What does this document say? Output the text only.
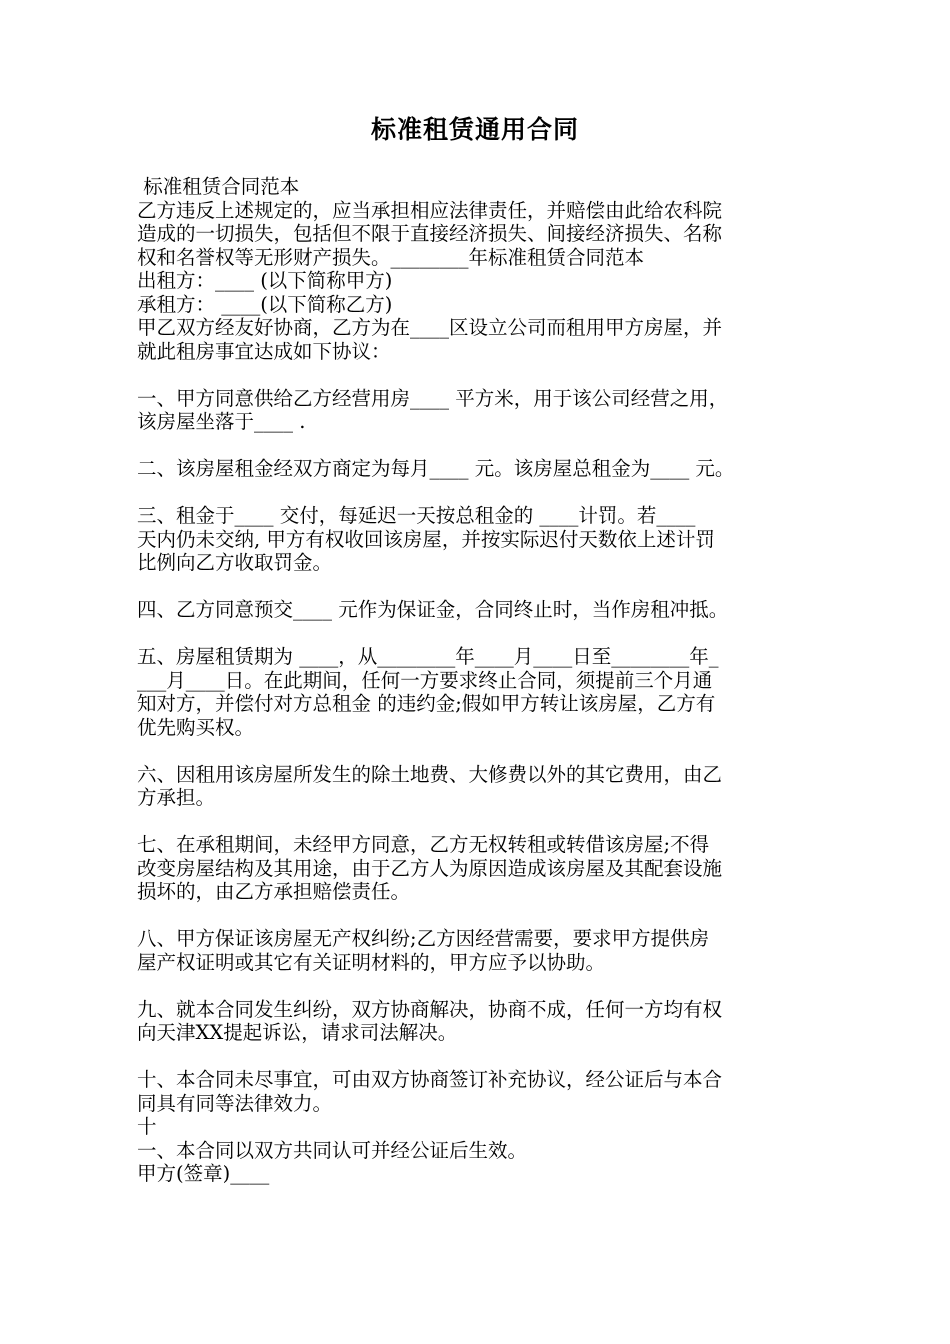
标准租赁通用合同
标准租赁合同范本
乙方违反上述规定的，应当承担相应法律责任，并赔偿由此给农科院
造成的一切损失，包括但不限于直接经济损失、间接经济损失、名称
权和名誉权等无形财产损失。________年标准租赁合同范本
出租方：____ (以下简称甲方)
承租方： ____(以下简称乙方)
甲乙双方经友好协商，乙方为在____区设立公司而租用甲方房屋，并
就此租房事宜达成如下协议：
一、甲方同意供给乙方经营用房____ 平方米，用于该公司经营之用，
该房屋坐落于____ .
二、该房屋租金经双方商定为每月____ 元。该房屋总租金为____ 元。
三、租金于____ 交付，每延迟一天按总租金的 ____计罚。若____
天内仍未交纳, 甲方有权收回该房屋，并按实际迟付天数依上述计罚
比例向乙方收取罚金。
四、乙方同意预交____ 元作为保证金，合同终止时，当作房租冲抵。
五、房屋租赁期为 ____，从________年____月____日至________年_
___月____日。在此期间，任何一方要求终止合同，须提前三个月通
知对方，并偿付对方总租金 的违约金;假如甲方转让该房屋，乙方有
优先购买权。
六、因租用该房屋所发生的除土地费、大修费以外的其它费用，由乙
方承担。
七、在承租期间，未经甲方同意，乙方无权转租或转借该房屋;不得
改变房屋结构及其用途，由于乙方人为原因造成该房屋及其配套设施
损坏的，由乙方承担赔偿责任。
八、甲方保证该房屋无产权纠纷;乙方因经营需要，要求甲方提供房
屋产权证明或其它有关证明材料的，甲方应予以协助。
九、就本合同发生纠纷，双方协商解决，协商不成，任何一方均有权
向天津XX提起诉讼，请求司法解决。
十、本合同未尽事宜，可由双方协商签订补充协议，经公证后与本合
同具有同等法律效力。
十
一、本合同以双方共同认可并经公证后生效。
甲方(签章)____
